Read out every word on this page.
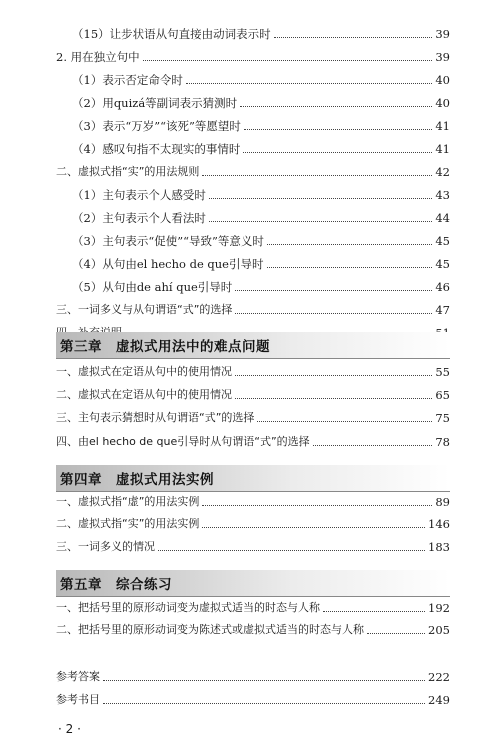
（15）让步状语从句直接由动词表示时	39
2. 用在独立句中	39
（1）表示否定命令时	40
（2）用quizá等副词表示猜测时	40
（3）表示“万岁”“该死”等愿望时	41
（4）感叹句指不太现实的事情时	41
二、虚拟式指“实”的用法规则	42
（1）主句表示个人感受时	43
（2）主句表示个人看法时	44
（3）主句表示“促使”“导致”等意义时	45
（4）从句由el hecho de que引导时	45
（5）从句由de ahí que引导时	46
三、一词多义与从句谓语“式”的选择	47
第三章　虚拟式用法中的难点问题
一、虚拟式在定语从句中的使用情况	55
二、虚拟式在定语从句中的使用情况	65
三、主句表示猜想时从句谓语“式”的选择	75
四、由el hecho de que引导时从句谓语“式”的选择	78
第四章　虚拟式用法实例
一、虚拟式指“虚”的用法实例	89
二、虚拟式指“实”的用法实例	146
三、一词多义的情况	183
第五章　综合练习
一、把括号里的原形动词变为虚拟式适当的时态与人称	192
二、把括号里的原形动词变为陈述式或虚拟式适当的时态与人称	205
参考答案	222
参考书目	249
· 2 ·
